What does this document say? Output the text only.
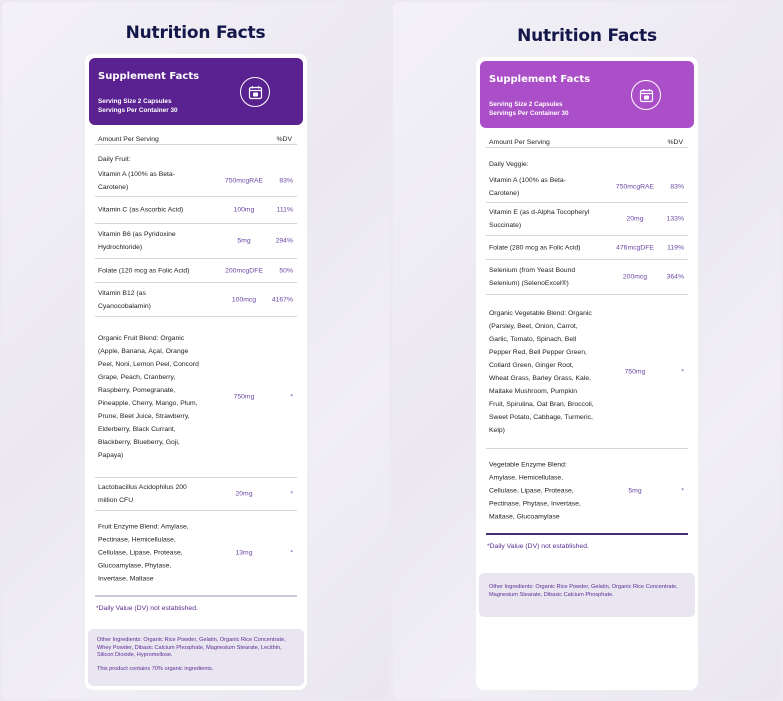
Nutrition Facts
Supplement Facts
Serving Size 2 Capsules
Servings Per Container 30
Amount Per Serving	%DV
Daily Fruit:
Vitamin A (100% as Beta-Carotene)
750mcgRAE	83%
Vitamin C (as Ascorbic Acid)	100mg	111%
Vitamin B6 (as Pyridoxine Hydrochloride)
5mg	294%
Folate (120 mcg as Folic Acid)	200mcgDFE	50%
Vitamin B12 (as Cyanocobalamin)
100mcg	4167%
Organic Fruit Blend: Organic (Apple, Banana, Açaí, Orange Peel, Noni, Lemon Peel, Concord Grape, Peach, Cranberry, Raspberry, Pomegranate, Pineapple, Cherry, Mango, Plum, Prune, Beet Juice, Strawberry, Elderberry, Black Currant, Blackberry, Blueberry, Goji, Papaya)
750mg	*
Lactobacillus Acidophilus 200 million CFU
20mg	*
Fruit Enzyme Blend: Amylase, Pectinase, Hemicellulase, Cellulase, Lipase, Protease, Glucoamylase, Phytase, Invertase, Maltase
13mg	*
*Daily Value (DV) not established.

Other Ingredients: Organic Rice Powder, Gelatin, Organic Rice Concentrate, Whey Powder, Dibasic Calcium Phosphate, Magnesium Stearate, Lecithin, Silicon Dioxide, Hypromellose.

This product contains 70% organic ingredients.

Nutrition Facts
Supplement Facts
Serving Size 2 Capsules
Servings Per Container 30
Amount Per Serving	%DV
Daily Veggie:
Vitamin A (100% as Beta-Carotene)
750mcgRAE	83%
Vitamin E (as d-Alpha Tocopheryl Succinate)
20mg	133%
Folate (280 mcg as Folic Acid)	476mcgDFE	119%
Selenium (from Yeast Bound Selenium) (SelenoExcel®)
200mcg	364%
Organic Vegetable Blend: Organic (Parsley, Beet, Onion, Carrot, Garlic, Tomato, Spinach, Bell Pepper Red, Bell Pepper Green, Collard Green, Ginger Root, Wheat Grass, Barley Grass, Kale, Maitake Mushroom, Pumpkin Fruit, Spirulina, Oat Bran, Broccoli, Sweet Potato, Cabbage, Turmeric, Kelp)
750mg	*
Vegetable Enzyme Blend: Amylase, Hemicellulase, Cellulase, Lipase, Protease, Pectinase, Phytase, Invertase, Maltase, Glucoamylase
5mg	*
*Daily Value (DV) not established.

Other Ingredients: Organic Rice Powder, Gelatin, Organic Rice Concentrate, Magnesium Stearate, Dibasic Calcium Phosphate.
